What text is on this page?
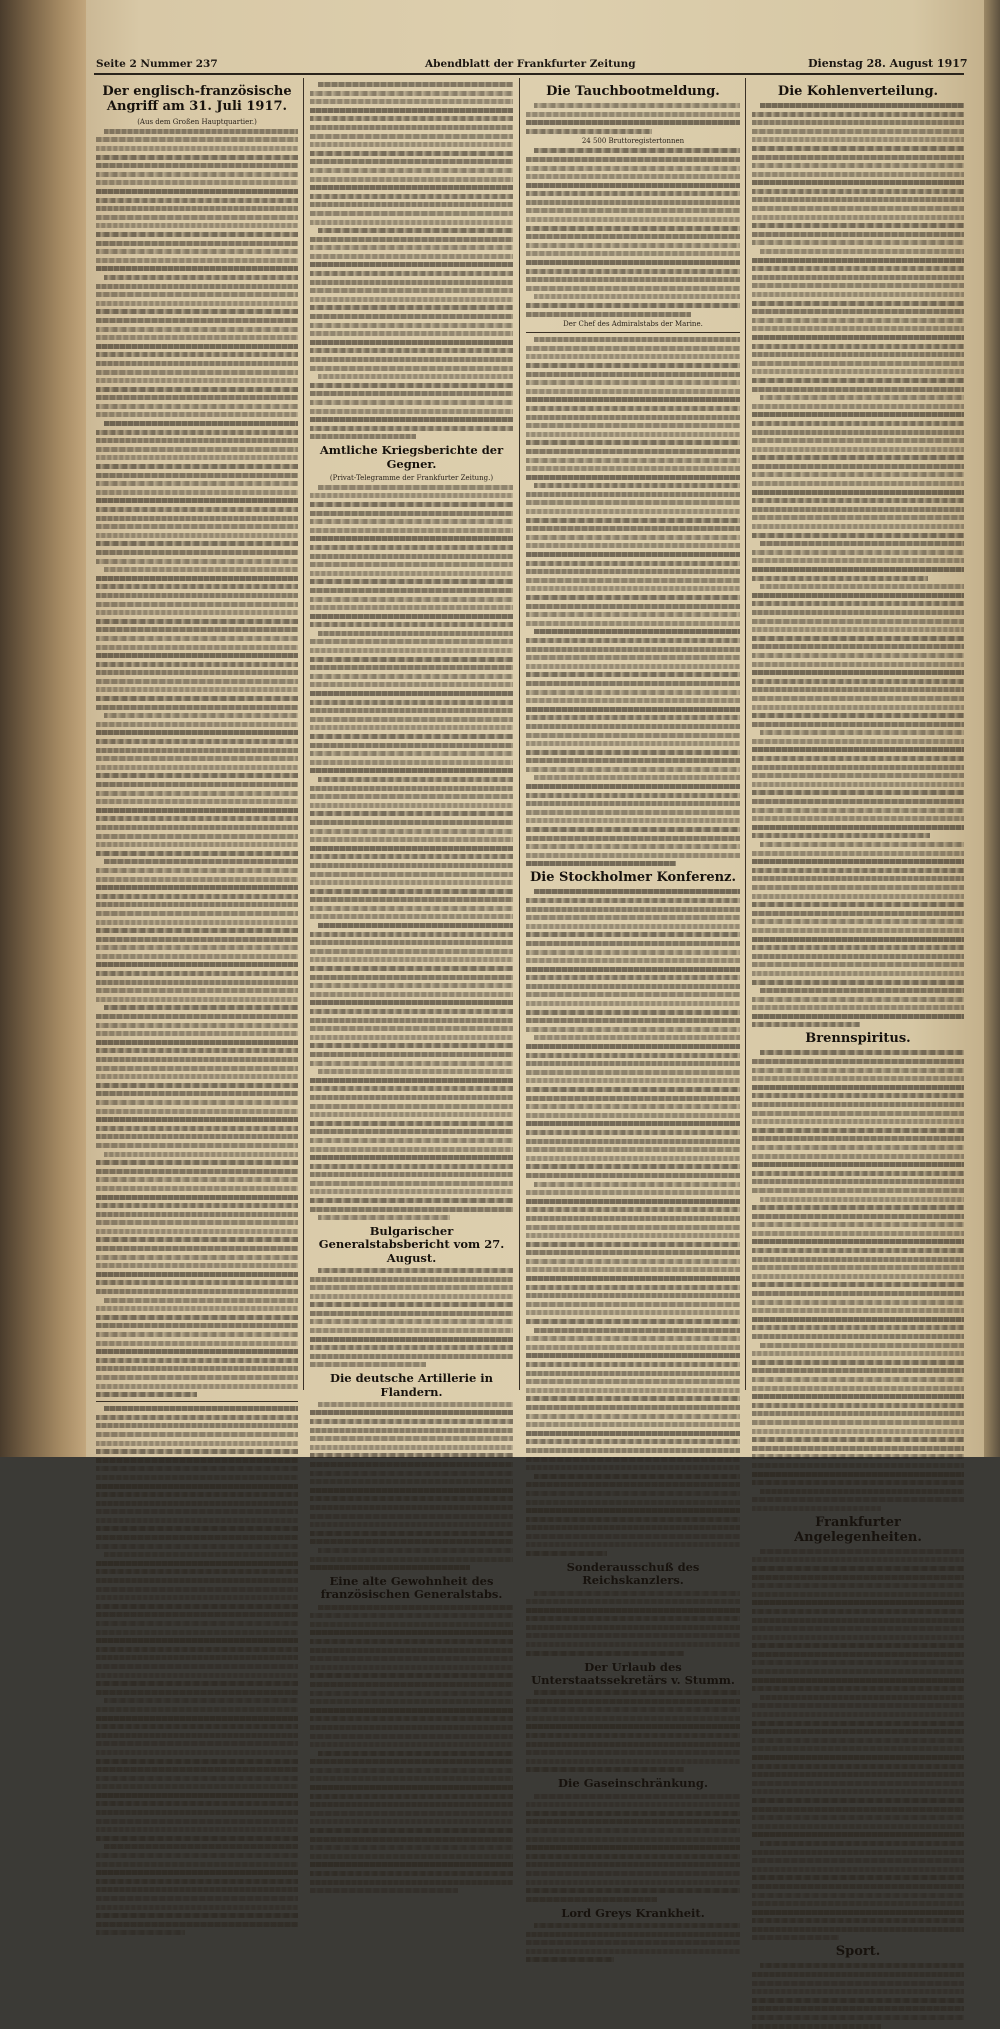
Seite 2 Nummer 237	Abendblatt der Frankfurter Zeitung	Dienstag 28. August 1917
Der englisch-französische Angriff am 31. Juli 1917.
(Aus dem Großen Hauptquartier.)
Amtliche Kriegsberichte der Gegner.
(Privat-Telegramme der Frankfurter Zeitung.)
Bulgarischer Generalstabsbericht vom 27. August.
Die deutsche Artillerie in Flandern.
Eine alte Gewohnheit des französischen Generalstabs.
Die Tauchbootmeldung.
24 500 Bruttoregistertonnen
Der Chef des Admiralstabs der Marine.
Die Stockholmer Konferenz.
Sonderausschuß des Reichskanzlers.
Der Urlaub des Unterstaatssekretärs v. Stumm.
Die Gaseinschränkung.
Lord Greys Krankheit.
Die Kohlenverteilung.
Brennspiritus.
Frankfurter Angelegenheiten.
Sport.
